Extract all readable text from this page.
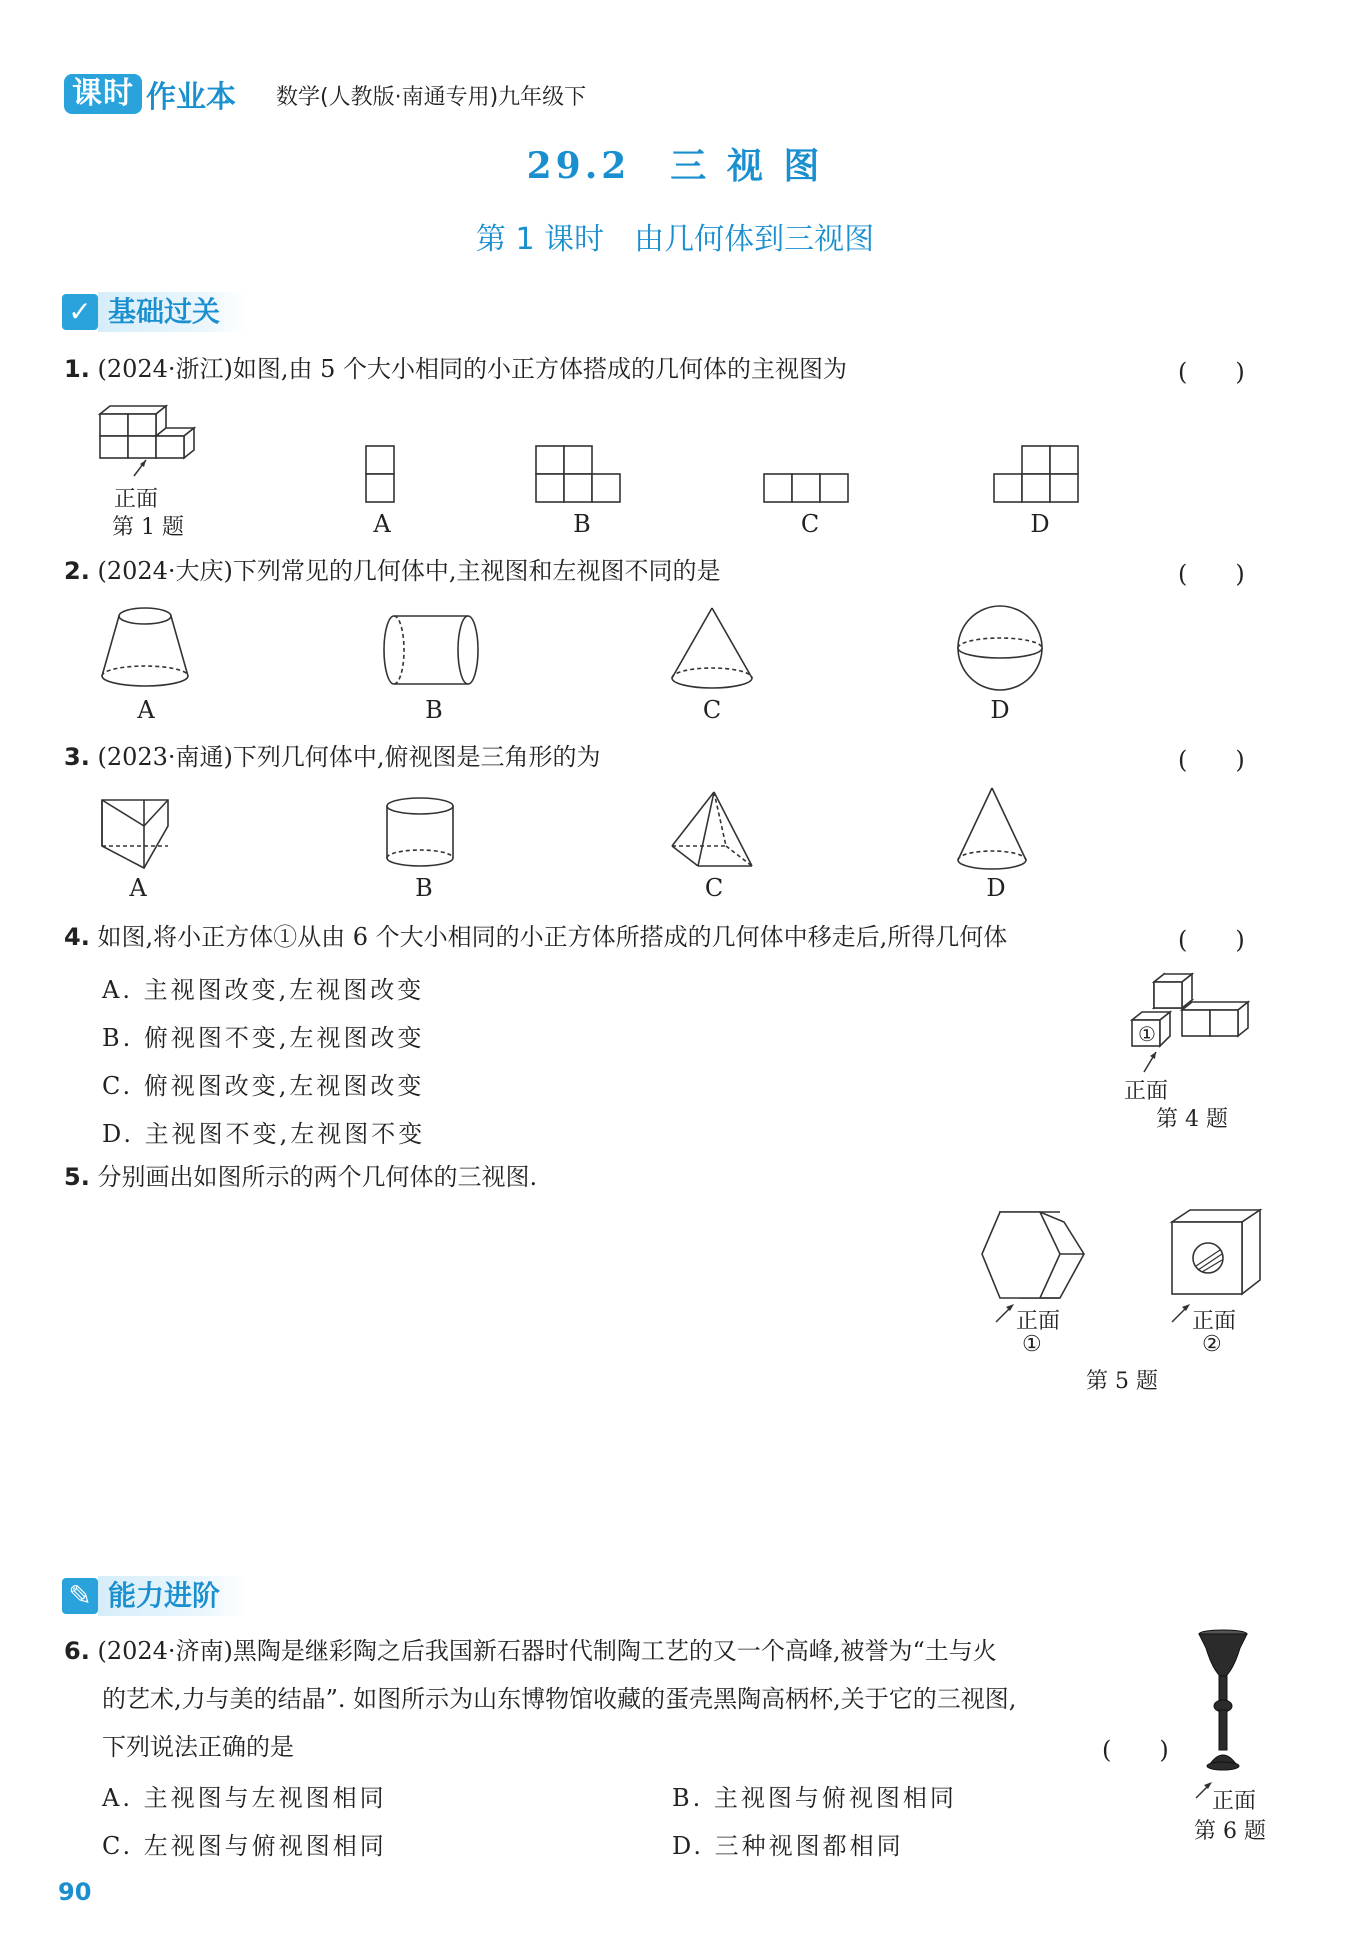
课时 作业本 数学(人教版·南通专用)九年级下
29.2　三 视 图
第 1 课时　由几何体到三视图
✓ 基础过关
1. (2024·浙江)如图,由 5 个大小相同的小正方体搭成的几何体的主视图为	(　　)
正面
第 1 题	A	B	C	D
2. (2024·大庆)下列常见的几何体中,主视图和左视图不同的是	(　　)
A	B	C	D
3. (2023·南通)下列几何体中,俯视图是三角形的为	(　　)
A	B	C	D
4. 如图,将小正方体①从由 6 个大小相同的小正方体所搭成的几何体中移走后,所得几何体	(　　)
A. 主视图改变,左视图改变
B. 俯视图不变,左视图改变
C. 俯视图改变,左视图改变
D. 主视图不变,左视图不变
①
正面
第 4 题
5. 分别画出如图所示的两个几何体的三视图.
正面
①
正面
②
第 5 题
✎ 能力进阶
6. (2024·济南)黑陶是继彩陶之后我国新石器时代制陶工艺的又一个高峰,被誉为“土与火
的艺术,力与美的结晶”. 如图所示为山东博物馆收藏的蛋壳黑陶高柄杯,关于它的三视图,
下列说法正确的是	(　　)
A. 主视图与左视图相同	B. 主视图与俯视图相同
C. 左视图与俯视图相同	D. 三种视图都相同
正面
第 6 题
90
